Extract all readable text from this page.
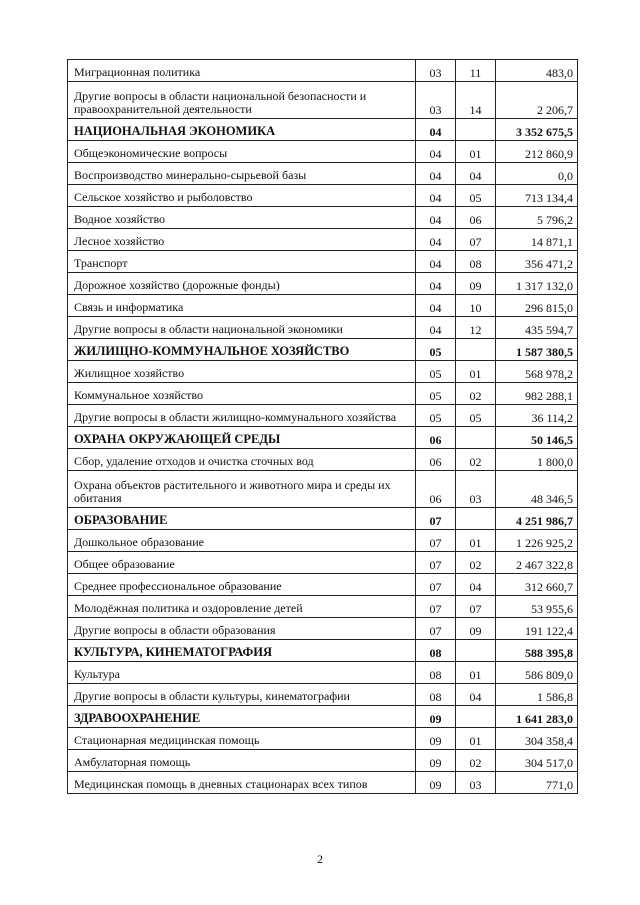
Миграционная политика	03	11	483,0
Другие вопросы в области национальной безопасности и правоохранительной деятельности	03	14	2 206,7
НАЦИОНАЛЬНАЯ ЭКОНОМИКА	04		3 352 675,5
Общеэкономические вопросы	04	01	212 860,9
Воспроизводство минерально-сырьевой базы	04	04	0,0
Сельское хозяйство и рыболовство	04	05	713 134,4
Водное хозяйство	04	06	5 796,2
Лесное хозяйство	04	07	14 871,1
Транспорт	04	08	356 471,2
Дорожное хозяйство (дорожные фонды)	04	09	1 317 132,0
Связь и информатика	04	10	296 815,0
Другие вопросы в области национальной экономики	04	12	435 594,7
ЖИЛИЩНО-КОММУНАЛЬНОЕ ХОЗЯЙСТВО	05		1 587 380,5
Жилищное хозяйство	05	01	568 978,2
Коммунальное хозяйство	05	02	982 288,1
Другие вопросы в области жилищно-коммунального хозяйства	05	05	36 114,2
ОХРАНА ОКРУЖАЮЩЕЙ СРЕДЫ	06		50 146,5
Сбор, удаление отходов и очистка сточных вод	06	02	1 800,0
Охрана объектов растительного и животного мира и среды их обитания	06	03	48 346,5
ОБРАЗОВАНИЕ	07		4 251 986,7
Дошкольное образование	07	01	1 226 925,2
Общее образование	07	02	2 467 322,8
Среднее профессиональное образование	07	04	312 660,7
Молодёжная политика и оздоровление детей	07	07	53 955,6
Другие вопросы в области образования	07	09	191 122,4
КУЛЬТУРА, КИНЕМАТОГРАФИЯ	08		588 395,8
Культура	08	01	586 809,0
Другие вопросы в области культуры, кинематографии	08	04	1 586,8
ЗДРАВООХРАНЕНИЕ	09		1 641 283,0
Стационарная медицинская помощь	09	01	304 358,4
Амбулаторная помощь	09	02	304 517,0
Медицинская помощь в дневных стационарах всех типов	09	03	771,0
2
